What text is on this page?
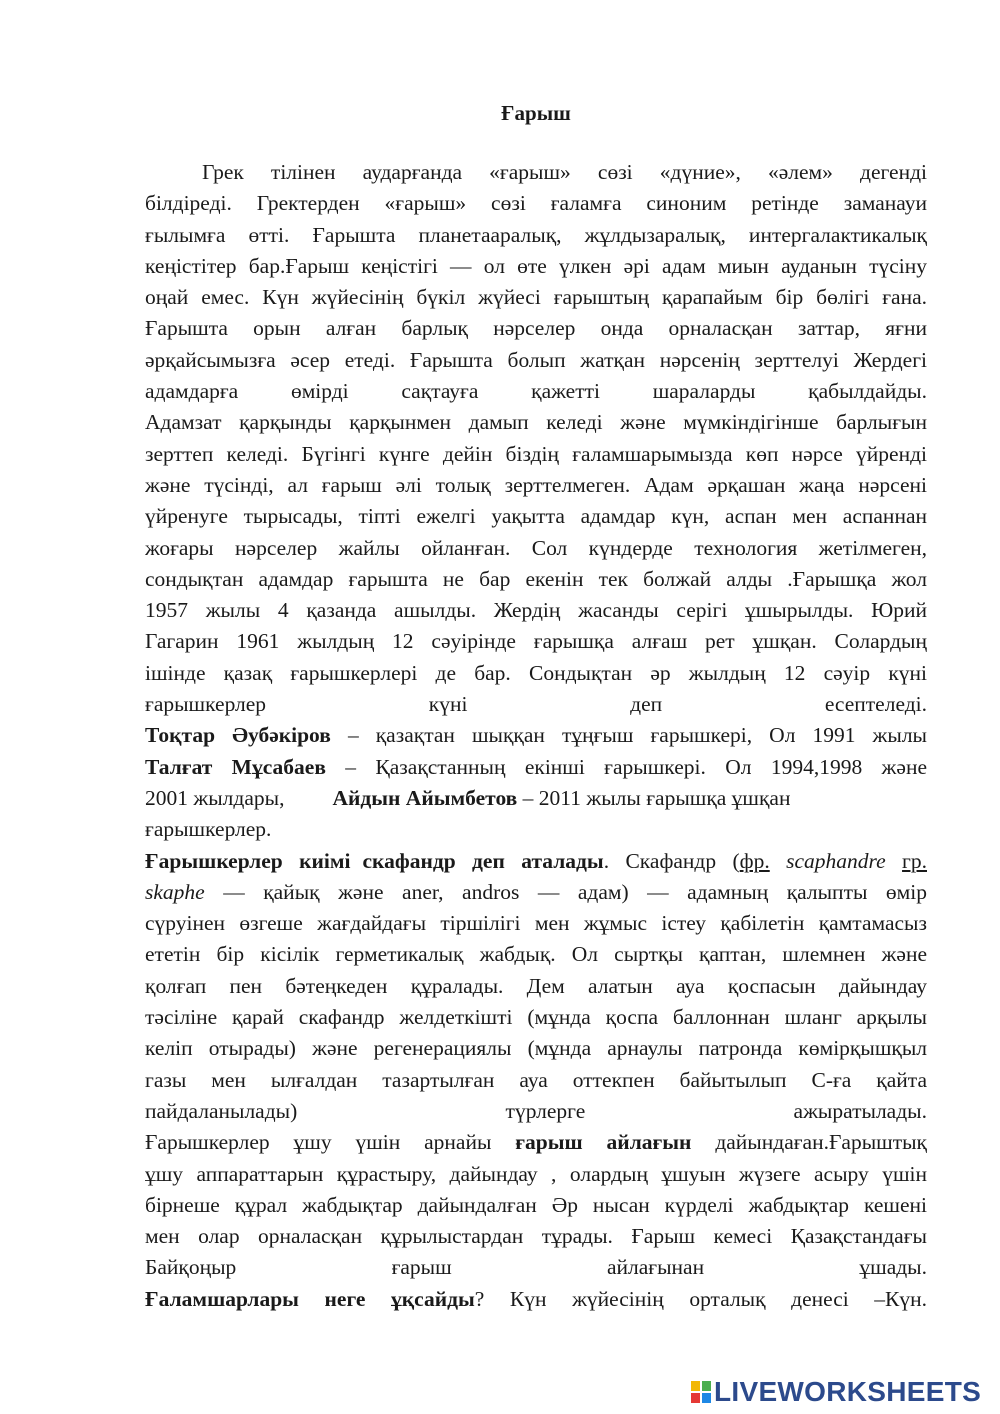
Ғарыш
Грек тілінен аударғанда «ғарыш» сөзі «дүние», «әлем» дегенді
білдіреді. Гректерден «ғарыш» сөзі ғаламға синоним ретінде заманауи
ғылымға өтті. Ғарышта планетааралық, жұлдызаралық, интергалактикалық
кеңістітер бар.Ғарыш кеңістігі — ол өте үлкен әрі адам миын ауданын түсіну
оңай емес. Күн жүйесінің бүкіл жүйесі ғарыштың қарапайым бір бөлігі ғана.
Ғарышта орын алған барлық нәрселер онда орналасқан заттар, яғни
әрқайсымызға әсер етеді. Ғарышта болып жатқан нәрсенің зерттелуі Жердегі
адамдарға өмірді сақтауға қажетті шараларды қабылдайды.
Адамзат қарқынды қарқынмен дамып келеді және мүмкіндігінше барлығын
зерттеп келеді. Бүгінгі күнге дейін біздің ғаламшарымызда көп нәрсе үйренді
және түсінді, ал ғарыш әлі толық зерттелмеген. Адам әрқашан жаңа нәрсені
үйренуге тырысады, тіпті ежелгі уақытта адамдар күн, аспан мен аспаннан
жоғары нәрселер жайлы ойланған. Сол күндерде технология жетілмеген,
сондықтан адамдар ғарышта не бар екенін тек болжай алды .Ғарышқа жол
1957 жылы 4 қазанда ашылды. Жердің жасанды серігі ұшырылды. Юрий
Гагарин 1961 жылдың 12 сәуірінде ғарышқа алғаш рет ұшқан. Солардың
ішінде қазақ ғарышкерлері де бар. Сондықтан әр жылдың 12 сәуір күні
ғарышкерлер күні деп есептеледі.
Тоқтар Әубәкіров – қазақтан шыққан тұңғыш ғарышкері, Ол 1991 жылы
Талғат Мұсабаев – Қазақстанның екінші ғарышкері. Ол 1994,1998 және
2001 жылдары, Айдын Айымбетов – 2011 жылы ғарышқа ұшқан
ғарышкерлер.
Ғарышкерлер киімі скафандр деп аталады. Скафандр (фр. scaphandre гр.
skaphe — қайық және aner, andros — адам) — адамның қалыпты өмір
сүруінен өзгеше жағдайдағы тіршілігі мен жұмыс істеу қабілетін қамтамасыз
ететін бір кісілік герметикалық жабдық. Ол сыртқы қаптан, шлемнен және
қолғап пен бәтеңкеден құралады. Дем алатын ауа қоспасын дайындау
тәсіліне қарай скафандр желдеткішті (мұнда қоспа баллоннан шланг арқылы
келіп отырады) және регенерациялы (мұнда арнаулы патронда көмірқышқыл
газы мен ылғалдан тазартылған ауа оттекпен байытылып С-ға қайта
пайдаланылады) түрлерге ажыратылады.
Ғарышкерлер ұшу үшін арнайы ғарыш айлағын дайындаған.Ғарыштық
ұшу аппараттарын құрастыру, дайындау , олардың ұшуын жүзеге асыру үшін
бірнеше құрал жабдықтар дайындалған Әр нысан күрделі жабдықтар кешені
мен олар орналасқан құрылыстардан тұрады. Ғарыш кемесі Қазақстандағы
Байқоңыр ғарыш айлағынан ұшады.
Ғаламшарлары неге ұқсайды? Күн жүйесінің орталық денесі –Күн.
LIVEWORKSHEETS
